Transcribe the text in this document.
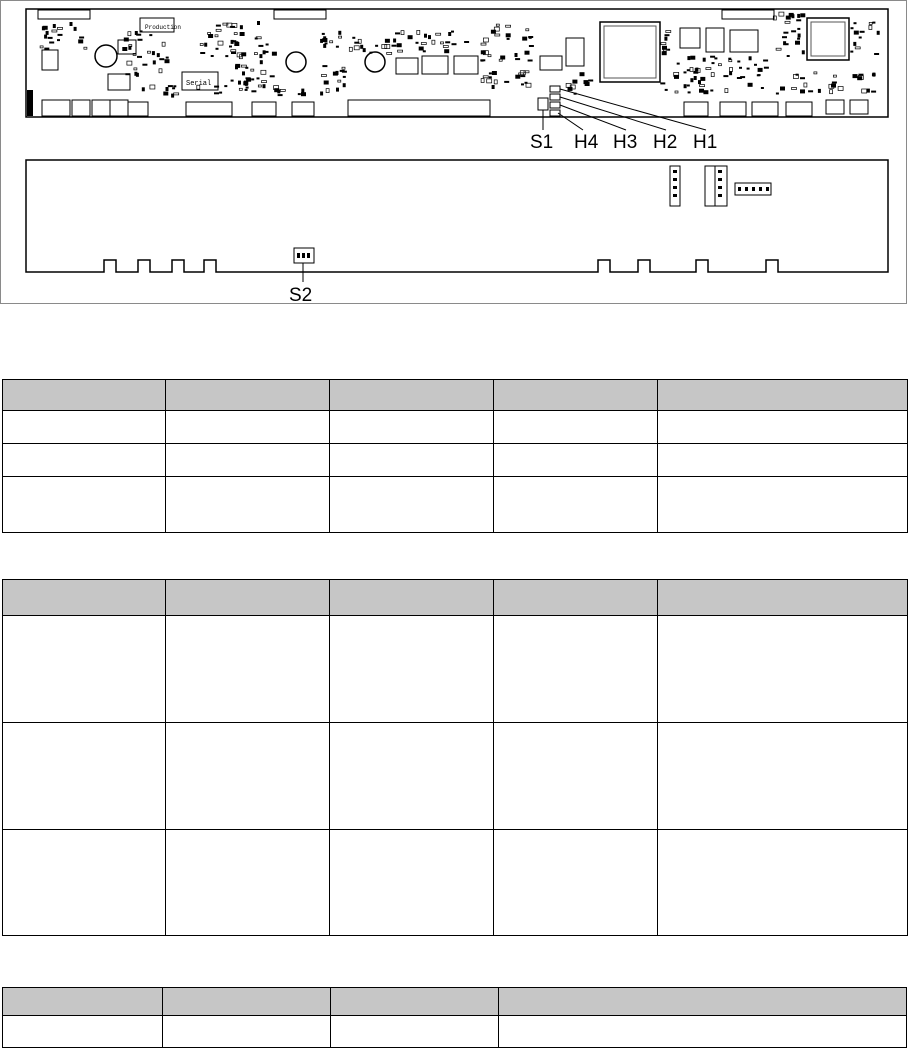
Production
Serial
S1 H4 H3 H2 H1
S2
